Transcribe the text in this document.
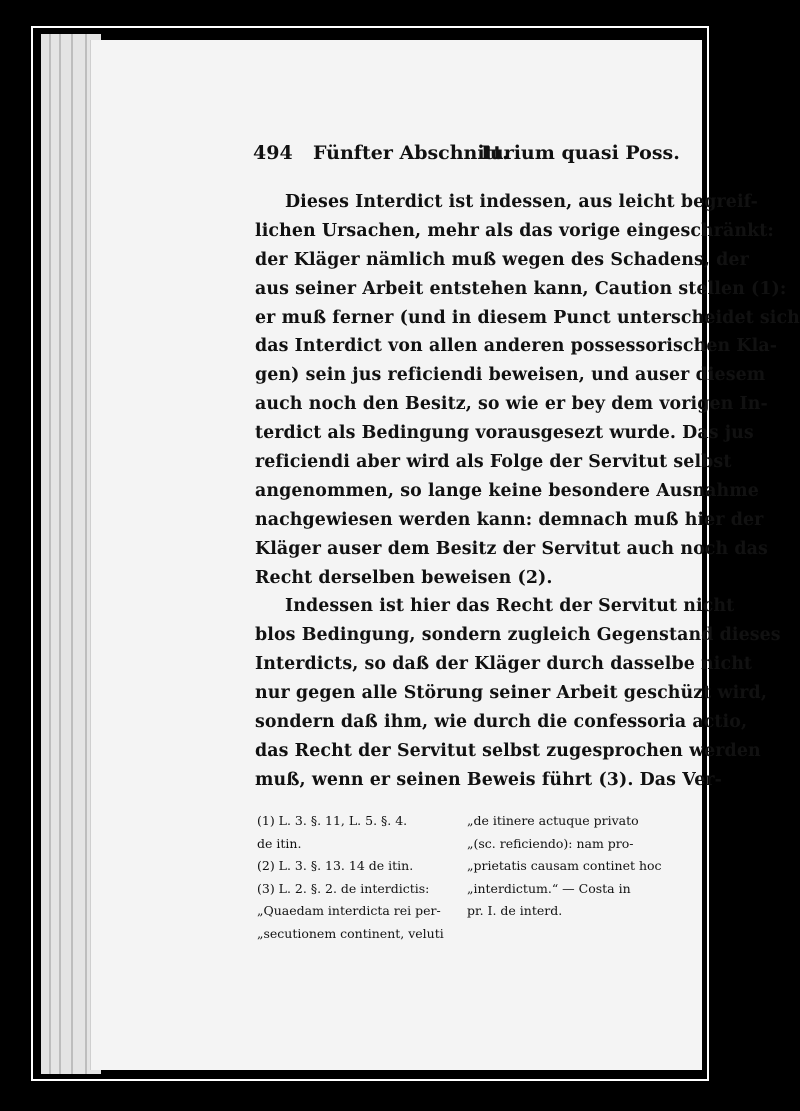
494 Fünfter Abschnitt.
Iurium quasi Poss.
Dieses Interdict ist indessen, aus leicht begreif-
lichen Ursachen, mehr als das vorige eingeschränkt:
der Kläger nämlich muß wegen des Schadens, der
aus seiner Arbeit entstehen kann, Caution stellen (1):
er muß ferner (und in diesem Punct unterscheidet sich
das Interdict von allen anderen possessorischen Kla-
gen) sein jus reficiendi beweisen, und auser diesem
auch noch den Besitz, so wie er bey dem vorigen In-
terdict als Bedingung vorausgesezt wurde. Das jus
reficiendi aber wird als Folge der Servitut selbst
angenommen, so lange keine besondere Ausnahme
nachgewiesen werden kann: demnach muß hier der
Kläger auser dem Besitz der Servitut auch noch das
Recht derselben beweisen (2).
Indessen ist hier das Recht der Servitut nicht
blos Bedingung, sondern zugleich Gegenstand dieses
Interdicts, so daß der Kläger durch dasselbe nicht
nur gegen alle Störung seiner Arbeit geschüzt wird,
sondern daß ihm, wie durch die confessoria actio,
das Recht der Servitut selbst zugesprochen werden
muß, wenn er seinen Beweis führt (3). Das Ver-
(1) L. 3. §. 11, L. 5. §. 4.
de itin.
(2) L. 3. §. 13. 14 de itin.
(3) L. 2. §. 2. de interdictis:
„Quaedam interdicta rei per-
„secutionem continent, veluti
„de itinere actuque privato
„(sc. reficiendo): nam pro-
„prietatis causam continet hoc
„interdictum.“ — Costa in
pr. I. de interd.
